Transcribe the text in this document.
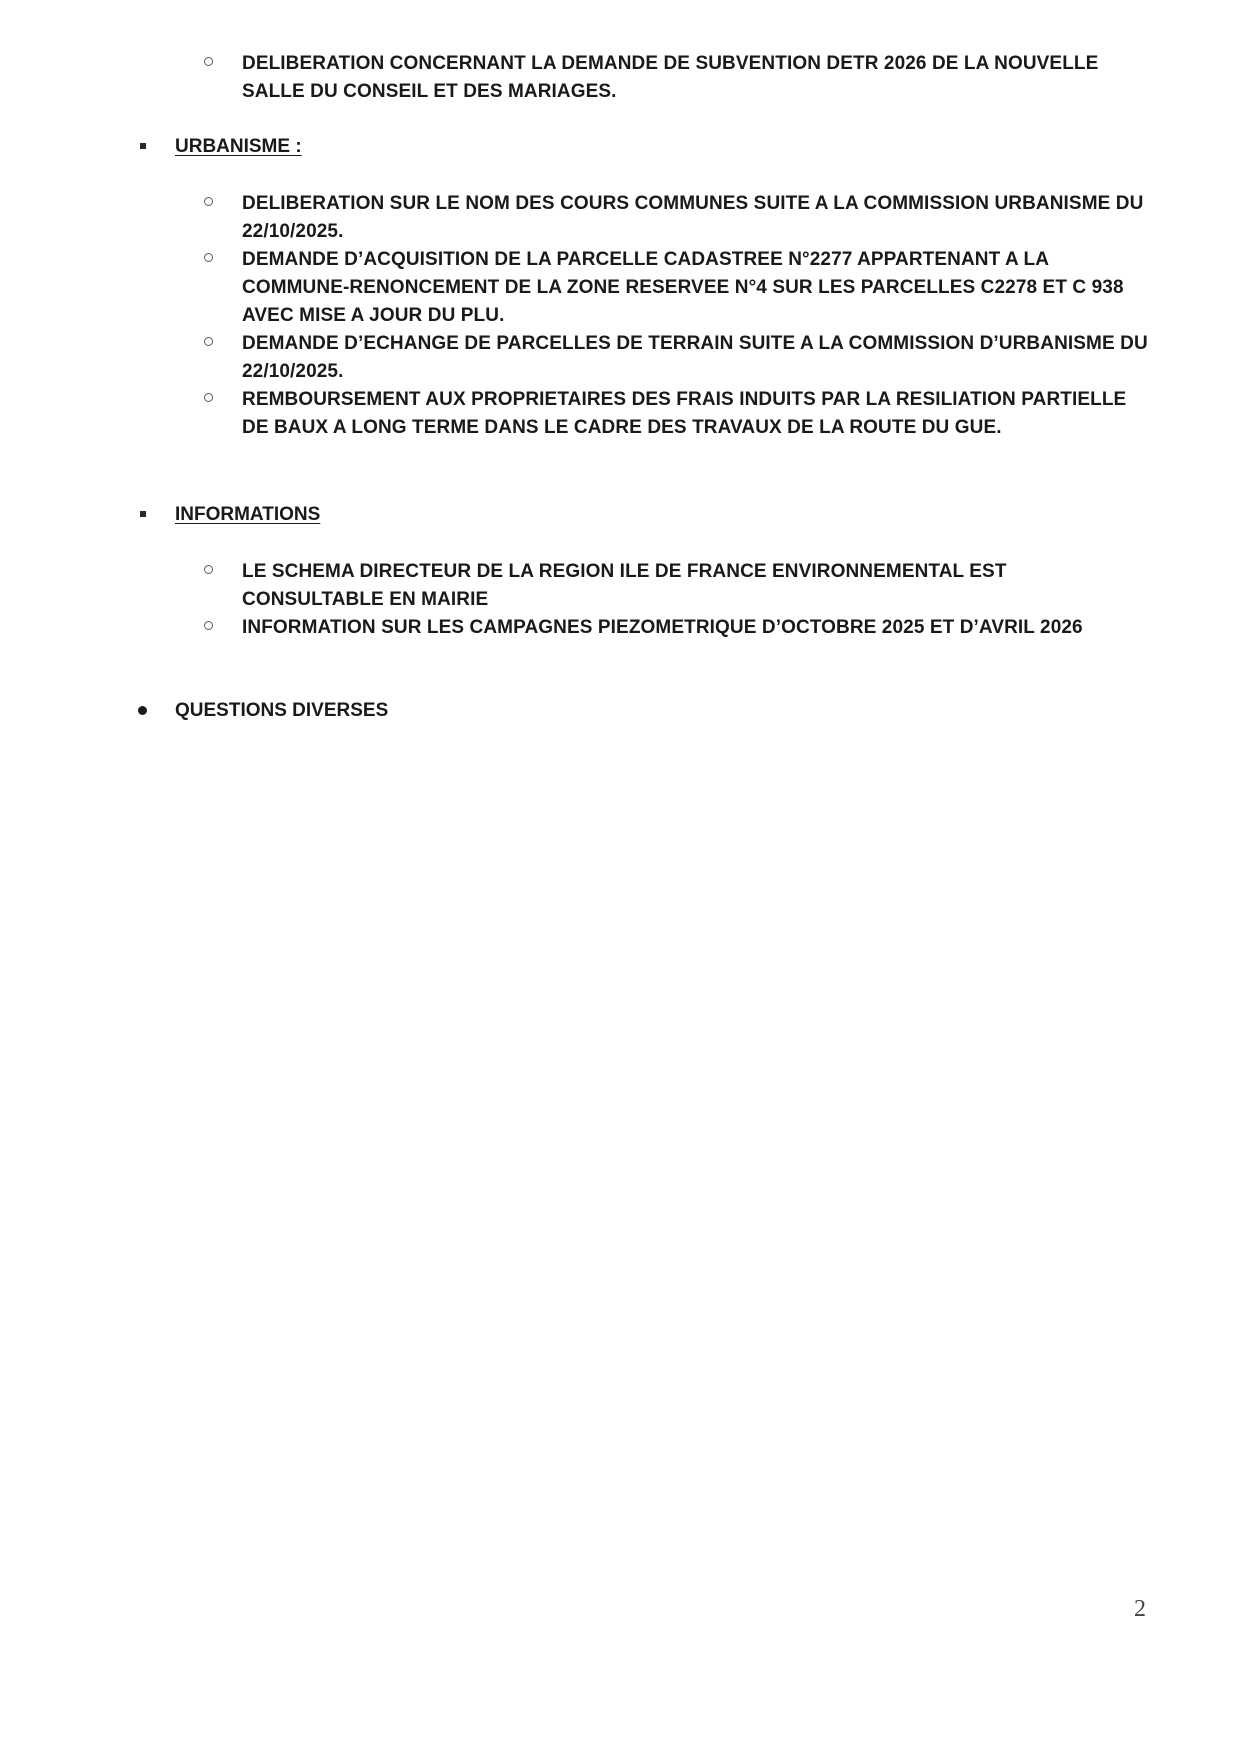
DELIBERATION CONCERNANT LA DEMANDE DE SUBVENTION DETR 2026 DE LA NOUVELLE SALLE DU CONSEIL ET DES MARIAGES.
URBANISME :
DELIBERATION SUR LE NOM DES COURS COMMUNES SUITE A LA COMMISSION URBANISME DU 22/10/2025.
DEMANDE D’ACQUISITION DE LA PARCELLE CADASTREE N°2277 APPARTENANT A LA COMMUNE-RENONCEMENT DE LA ZONE RESERVEE N°4 SUR LES PARCELLES C2278 ET C 938 AVEC MISE A JOUR DU PLU.
DEMANDE D’ECHANGE DE PARCELLES DE TERRAIN SUITE A LA COMMISSION D’URBANISME DU 22/10/2025.
REMBOURSEMENT AUX PROPRIETAIRES DES FRAIS INDUITS PAR LA RESILIATION PARTIELLE DE BAUX A LONG TERME DANS LE CADRE DES TRAVAUX DE LA ROUTE DU GUE.
INFORMATIONS
LE SCHEMA DIRECTEUR DE LA REGION ILE DE FRANCE ENVIRONNEMENTAL EST CONSULTABLE EN MAIRIE
INFORMATION SUR LES CAMPAGNES PIEZOMETRIQUE D’OCTOBRE 2025 ET D’AVRIL 2026
QUESTIONS DIVERSES
2
